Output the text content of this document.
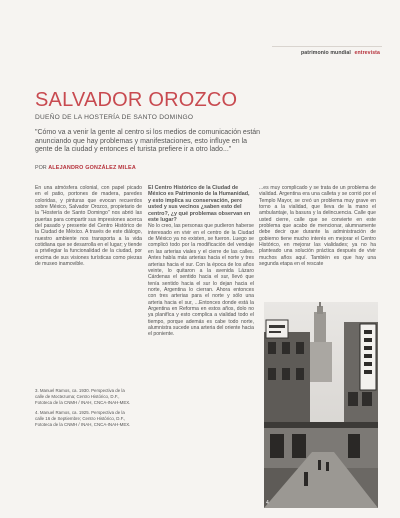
patrimonio mundial entrevista
SALVADOR OROZCO
DUEÑO DE LA HOSTERÍA DE SANTO DOMINGO
"Cómo va a venir la gente al centro si los medios de comunicación están anunciando que hay problemas y manifestaciones, esto influye en la gente de la ciudad y entonces el turista prefiere ir a otro lado..."
POR ALEJANDRO GONZÁLEZ MILEA

En una atmósfera colonial, con papel picado en el patio, portones de madera, paredes coloridas, y pinturas que evocan recuerdos sobre México, Salvador Orozco, propietario de la "Hostería de Santo Domingo" nos abrió las puertas para compartir sus impresiones acerca del pasado y presente del Centro Histórico de la Ciudad de México. A través de este diálogo, nuestro ambiente nos transporta a la vida cotidiana que se desarrolla en el lugar; y tiende a privilegiar la funcionalidad de la ciudad, por encima de sus visiones turísticas como piezas de museo inamovible.

El Centro Histórico de la Ciudad de México es Patrimonio de la Humanidad, y esto implica su conservación, pero usted y sus vecinos ¿saben esto del centro?, ¿y qué problemas observan en este lugar?

No lo creo, las personas que pudieron haberse interesado en vivir en el centro de la Ciudad de México ya no existen, se fueron. Luego se complicó todo por la modificación del vendaje en las arterias viales y el cierre de las calles. Antes había más arterias hacia el norte y tres arterias hacia el sur. Con la época de los años veinte, lo quitaron a la avenida Lázaro Cárdenas el sentido hacia el sur, llevó que tenía sentido hacia el sur lo dejan hacia el norte, Argentina lo cierran. Ahora entonces con tres arterias para el norte y sólo una arteria hacia el sur, ...Entonces donde está la Argentina en Reforma en estos años, dolo no ya planifíca y esto complica a vialidad todo el tiempo, porque además es cabe todo norte, alumnistra sucede una arteria del oriente hacia el poniente.

...es muy complicado y se trata de un problema de vialidad. Argentina era una calleta y se corrió por el Templo Mayor, se creó un problema muy grave en torno a la vialidad, que lleva de la mano el ambulantaje, la basura y la delincuencia. Calle que usted cierre, calle que se convierte en este problema que acabo de mencionar, alumnamente debe decir que durante la administración de gobierno tiene mucho interés en mejorar el Centro Histórico, en mejorar las vialidades; ya no ha planteado una solución práctica después de vivir muchos años aquí. También es que hay una segunda etapa en el rescate

3. Manuel Ramos, ca. 1930. Perspectiva de la calle de Moctezuma; Centro Histórico, D.F., Fototeca de la CNMH / INAH, CNCA-INAH-MEX.

4. Manuel Ramos, ca. 1925. Perspectiva de la calle 16 de Septiembre; Centro Histórico, D.F., Fototeca de la CNMH / INAH, CNCA-INAH-MEX.

4
